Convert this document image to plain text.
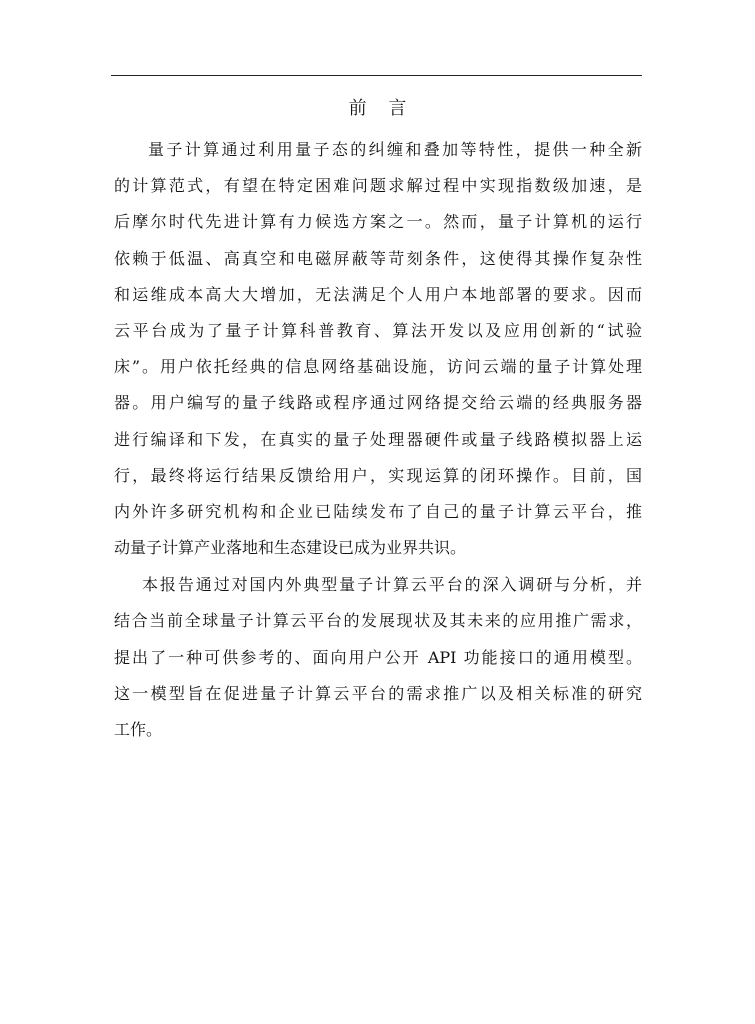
前 言
量子计算通过利用量子态的纠缠和叠加等特性，提供一种全新
的计算范式，有望在特定困难问题求解过程中实现指数级加速，是
后摩尔时代先进计算有力候选方案之一。然而，量子计算机的运行
依赖于低温、高真空和电磁屏蔽等苛刻条件，这使得其操作复杂性
和运维成本高大大增加，无法满足个人用户本地部署的要求。因而
云平台成为了量子计算科普教育、算法开发以及应用创新的“试验
床”。用户依托经典的信息网络基础设施，访问云端的量子计算处理
器。用户编写的量子线路或程序通过网络提交给云端的经典服务器
进行编译和下发，在真实的量子处理器硬件或量子线路模拟器上运
行，最终将运行结果反馈给用户，实现运算的闭环操作。目前，国
内外许多研究机构和企业已陆续发布了自己的量子计算云平台，推
动量子计算产业落地和生态建设已成为业界共识。
本报告通过对国内外典型量子计算云平台的深入调研与分析，并
结合当前全球量子计算云平台的发展现状及其未来的应用推广需求，
提出了一种可供参考的、面向用户公开 API 功能接口的通用模型。
这一模型旨在促进量子计算云平台的需求推广以及相关标准的研究
工作。
